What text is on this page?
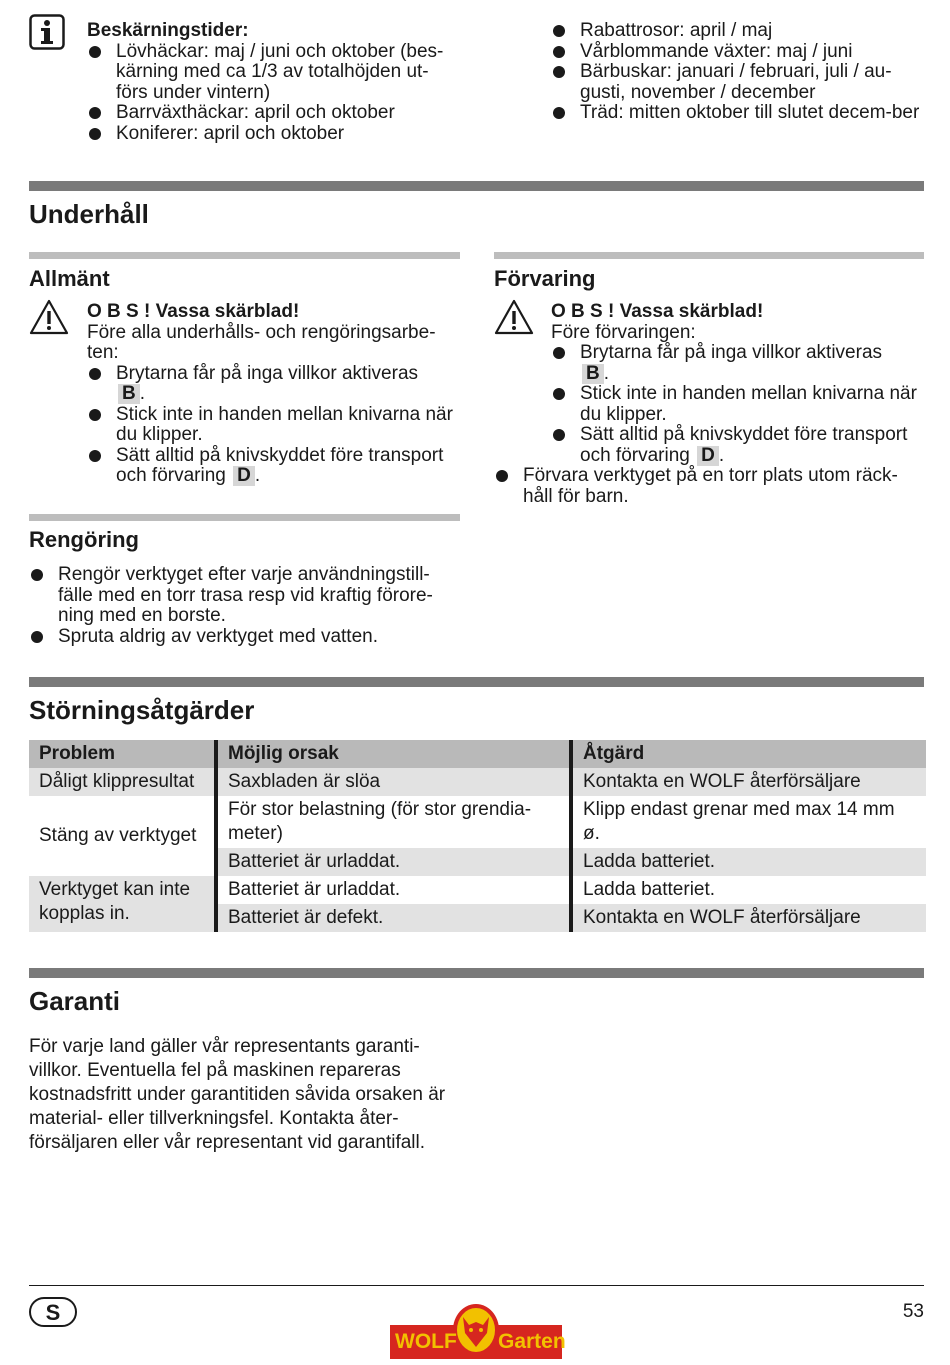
Beskärningstider:
Lövhäckar: maj / juni och oktober (bes-kärning med ca 1/3 av totalhöjden ut-förs under vintern)
Barrväxthäckar: april och oktober
Koniferer: april och oktober
Rabattrosor: april / maj
Vårblommande växter: maj / juni
Bärbuskar: januari / februari, juli / au-gusti, november / december
Träd: mitten oktober till slutet decem-ber
Underhåll
Allmänt
O B S ! Vassa skärblad!
Före alla underhålls- och rengöringsarbe-ten:
Brytarna får på inga villkor aktiveras
B .
Stick inte in handen mellan knivarna när du klipper.
Sätt alltid på knivskyddet före transport och förvaring D .
Förvaring
O B S ! Vassa skärblad!
Före förvaringen:
Brytarna får på inga villkor aktiveras
B .
Stick inte in handen mellan knivarna när du klipper.
Sätt alltid på knivskyddet före transport och förvaring D .
Förvara verktyget på en torr plats utom räck-håll för barn.
Rengöring
Rengör verktyget efter varje användningstill-fälle med en torr trasa resp vid kraftig förore-ning med en borste.
Spruta aldrig av verktyget med vatten.
Störningsåtgärder
Problem	Möjlig orsak	Åtgärd
Dåligt klippresultat	Saxbladen är slöa	Kontakta en WOLF återförsäljare
Stäng av verktyget	För stor belastning (för stor grendia-meter)	Klipp endast grenar med max 14 mm ø.
	Batteriet är urladdat.	Ladda batteriet.
Verktyget kan inte kopplas in.	Batteriet är urladdat.	Ladda batteriet.
	Batteriet är defekt.	Kontakta en WOLF återförsäljare
Garanti
För varje land gäller vår representants garanti-villkor. Eventuella fel på maskinen repareras kostnadsfritt under garantitiden såvida orsaken är material- eller tillverkningsfel. Kontakta åter-försäljaren eller vår representant vid garantifall.
S	53
WOLF Garten
